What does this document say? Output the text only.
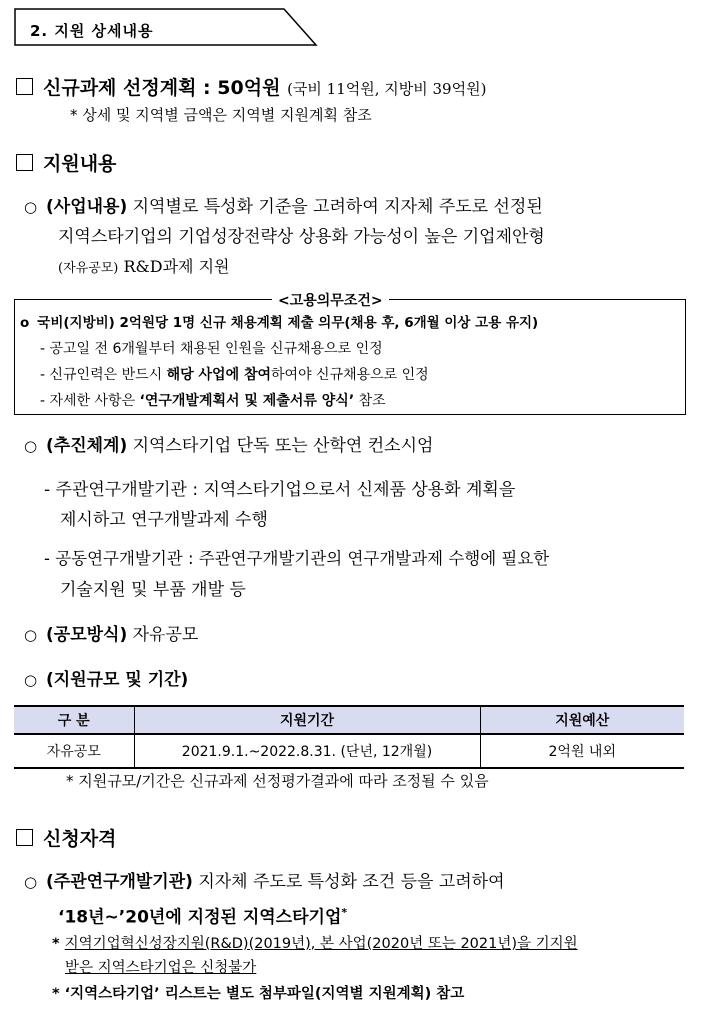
2. 지원 상세내용
신규과제 선정계획 : 50억원 (국비 11억원, 지방비 39억원)
* 상세 및 지역별 금액은 지역별 지원계획 참조
지원내용
○ (사업내용) 지역별로 특성화 기준을 고려하여 지자체 주도로 선정된
지역스타기업의 기업성장전략상 상용화 가능성이 높은 기업제안형
(자유공모) R&D과제 지원
<고용의무조건>
o 국비(지방비) 2억원당 1명 신규 채용계획 제출 의무(채용 후, 6개월 이상 고용 유지)
- 공고일 전 6개월부터 채용된 인원을 신규채용으로 인정
- 신규인력은 반드시 해당 사업에 참여하여야 신규채용으로 인정
- 자세한 사항은 ‘연구개발계획서 및 제출서류 양식’ 참조
○ (추진체계) 지역스타기업 단독 또는 산학연 컨소시엄
- 주관연구개발기관 : 지역스타기업으로서 신제품 상용화 계획을
제시하고 연구개발과제 수행
- 공동연구개발기관 : 주관연구개발기관의 연구개발과제 수행에 필요한
기술지원 및 부품 개발 등
○ (공모방식) 자유공모
○ (지원규모 및 기간)
구 분	지원기간	지원예산
자유공모	2021.9.1.~2022.8.31. (단년, 12개월)	2억원 내외
* 지원규모/기간은 신규과제 선정평가결과에 따라 조정될 수 있음
신청자격
○ (주관연구개발기관) 지자체 주도로 특성화 조건 등을 고려하여
‘18년~’20년에 지정된 지역스타기업*
* 지역기업혁신성장지원(R&D)(2019년), 본 사업(2020년 또는 2021년)을 기지원
받은 지역스타기업은 신청불가
* ‘지역스타기업’ 리스트는 별도 첨부파일(지역별 지원계획) 참고
